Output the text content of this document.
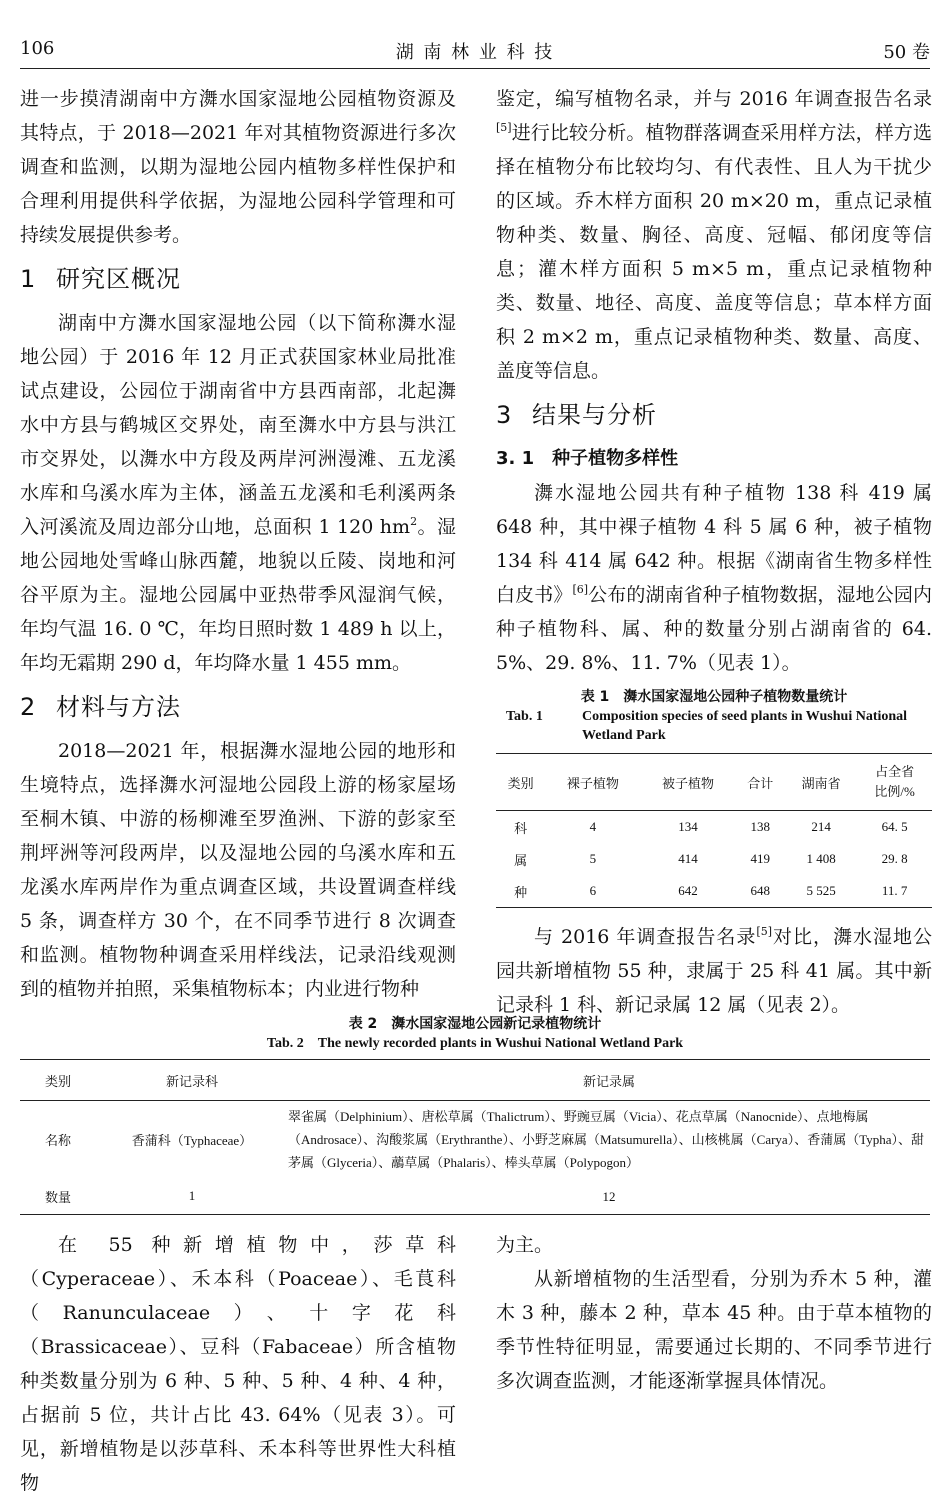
106	湖 南 林 业 科 技	50 卷

进一步摸清湖南中方㵲水国家湿地公园植物资源及其特点，于 2018—2021 年对其植物资源进行多次调查和监测，以期为湿地公园内植物多样性保护和合理利用提供科学依据，为湿地公园科学管理和可持续发展提供参考。

1 研究区概况

湖南中方㵲水国家湿地公园（以下简称㵲水湿地公园）于 2016 年 12 月正式获国家林业局批准试点建设，公园位于湖南省中方县西南部，北起㵲水中方县与鹤城区交界处，南至㵲水中方县与洪江市交界处，以㵲水中方段及两岸河洲漫滩、五龙溪水库和乌溪水库为主体，涵盖五龙溪和毛利溪两条入河溪流及周边部分山地，总面积 1 120 $hm^2$。湿地公园地处雪峰山脉西麓，地貌以丘陵、岗地和河谷平原为主。湿地公园属中亚热带季风湿润气候，年均气温 16. 0 ℃，年均日照时数 1 489 h 以上，年均无霜期 290 d，年均降水量 1 455 mm。

2 材料与方法

2018—2021 年，根据㵲水湿地公园的地形和生境特点，选择㵲水河湿地公园段上游的杨家屋场至桐木镇、中游的杨柳滩至罗渔洲、下游的彭家至荆坪洲等河段两岸，以及湿地公园的乌溪水库和五龙溪水库两岸作为重点调查区域，共设置调查样线 5 条，调查样方 30 个，在不同季节进行 8 次调查和监测。植物物种调查采用样线法，记录沿线观测到的植物并拍照，采集植物标本；内业进行物种

鉴定，编写植物名录，并与 2016 年调查报告名录[5]进行比较分析。植物群落调查采用样方法，样方选择在植物分布比较均匀、有代表性、且人为干扰少的区域。乔木样方面积 20 m×20 m，重点记录植物种类、数量、胸径、高度、冠幅、郁闭度等信息；灌木样方面积 5 m×5 m，重点记录植物种类、数量、地径、高度、盖度等信息；草本样方面积 2 m×2 m，重点记录植物种类、数量、高度、盖度等信息。

3 结果与分析
3. 1　种子植物多样性

㵲水湿地公园共有种子植物 138 科 419 属 648 种，其中裸子植物 4 科 5 属 6 种，被子植物 134 科 414 属 642 种。根据《湖南省生物多样性白皮书》[6]公布的湖南省种子植物数据，湿地公园内种子植物科、属、种的数量分别占湖南省的 64. 5%、29. 8%、11. 7%（见表 1）。

表 1　㵲水国家湿地公园种子植物数量统计

Tab. 1	Composition species of seed plants in Wushui National Wetland Park
类别	裸子植物	被子植物	合计	湖南省	占全省
比例/%
科	4	134	138	214	64. 5
属	5	414	419	1 408	29. 8
种	6	642	648	5 525	11. 7

与 2016 年调查报告名录[5]对比，㵲水湿地公园共新增植物 55 种，隶属于 25 科 41 属。其中新记录科 1 科、新记录属 12 属（见表 2）。

表 2　㵲水国家湿地公园新记录植物统计

Tab. 2　The newly recorded plants in Wushui National Wetland Park

类别	新记录科	新记录属
名称	香蒲科（Typhaceae）	翠雀属（Delphinium）、唐松草属（Thalictrum）、野豌豆属（Vicia）、花点草属（Nanocnide）、点地梅属（Androsace）、沟酸浆属（Erythranthe）、小野芝麻属（Matsumurella）、山核桃属（Carya）、香蒲属（Typha）、甜茅属（Glyceria）、虉草属（Phalaris）、棒头草属（Polypogon）
数量	1	12

在 55 种新增植物中，莎草科（Cyperaceae）、禾本科（Poaceae）、毛茛科（Ranunculaceae）、十字花科（Brassicaceae）、豆科（Fabaceae）所含植物种类数量分别为 6 种、5 种、5 种、4 种、4 种，占据前 5 位，共计占比 43. 64%（见表 3）。可见，新增植物是以莎草科、禾本科等世界性大科植物

为主。

从新增植物的生活型看，分别为乔木 5 种，灌木 3 种，藤本 2 种，草本 45 种。由于草本植物的季节性特征明显，需要通过长期的、不同季节进行多次调查监测，才能逐渐掌握具体情况。
